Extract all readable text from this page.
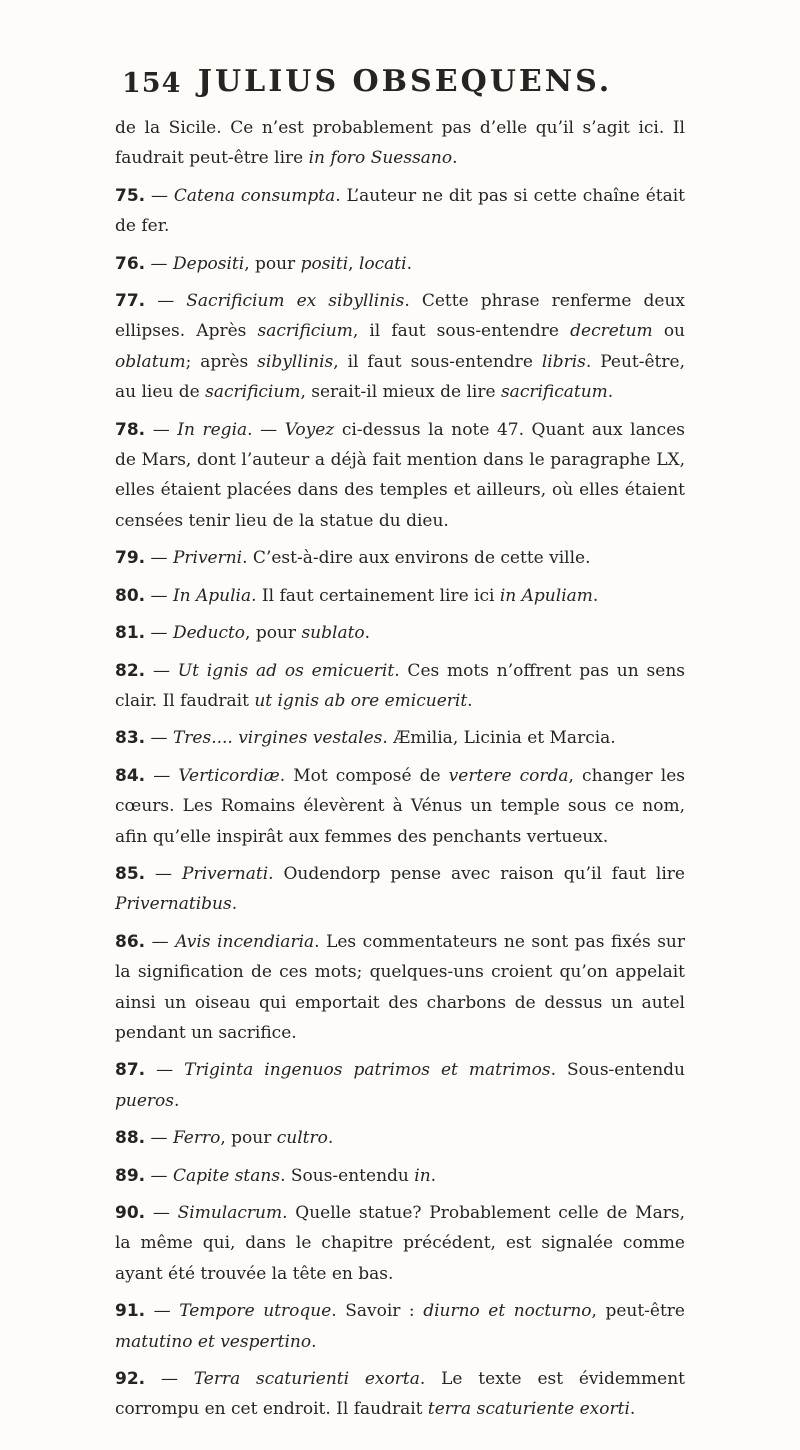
154 JULIUS OBSEQUENS.

de la Sicile. Ce n’est probablement pas d’elle qu’il s’agit ici. Il faudrait peut-être lire in foro Suessano.

75. — Catena consumpta. L’auteur ne dit pas si cette chaîne était de fer.

76. — Depositi, pour positi, locati.

77. — Sacrificium ex sibyllinis. Cette phrase renferme deux ellipses. Après sacrificium, il faut sous-entendre decretum ou oblatum; après sibyllinis, il faut sous-entendre libris. Peut-être, au lieu de sacrificium, serait-il mieux de lire sacrificatum.

78. — In regia. — Voyez ci-dessus la note 47. Quant aux lances de Mars, dont l’auteur a déjà fait mention dans le paragraphe LX, elles étaient placées dans des temples et ailleurs, où elles étaient censées tenir lieu de la statue du dieu.

79. — Priverni. C’est-à-dire aux environs de cette ville.

80. — In Apulia. Il faut certainement lire ici in Apuliam.

81. — Deducto, pour sublato.

82. — Ut ignis ad os emicuerit. Ces mots n’offrent pas un sens clair. Il faudrait ut ignis ab ore emicuerit.

83. — Tres.... virgines vestales. Æmilia, Licinia et Marcia.

84. — Verticordiæ. Mot composé de vertere corda, changer les cœurs. Les Romains élevèrent à Vénus un temple sous ce nom, afin qu’elle inspirât aux femmes des penchants vertueux.

85. — Privernati. Oudendorp pense avec raison qu’il faut lire Privernatibus.

86. — Avis incendiaria. Les commentateurs ne sont pas fixés sur la signification de ces mots; quelques-uns croient qu’on appelait ainsi un oiseau qui emportait des charbons de dessus un autel pendant un sacrifice.

87. — Triginta ingenuos patrimos et matrimos. Sous-entendu pueros.

88. — Ferro, pour cultro.

89. — Capite stans. Sous-entendu in.

90. — Simulacrum. Quelle statue? Probablement celle de Mars, la même qui, dans le chapitre précédent, est signalée comme ayant été trouvée la tête en bas.

91. — Tempore utroque. Savoir : diurno et nocturno, peut-être matutino et vespertino.

92. — Terra scaturienti exorta. Le texte est évidemment corrompu en cet endroit. Il faudrait terra scaturiente exorti.
